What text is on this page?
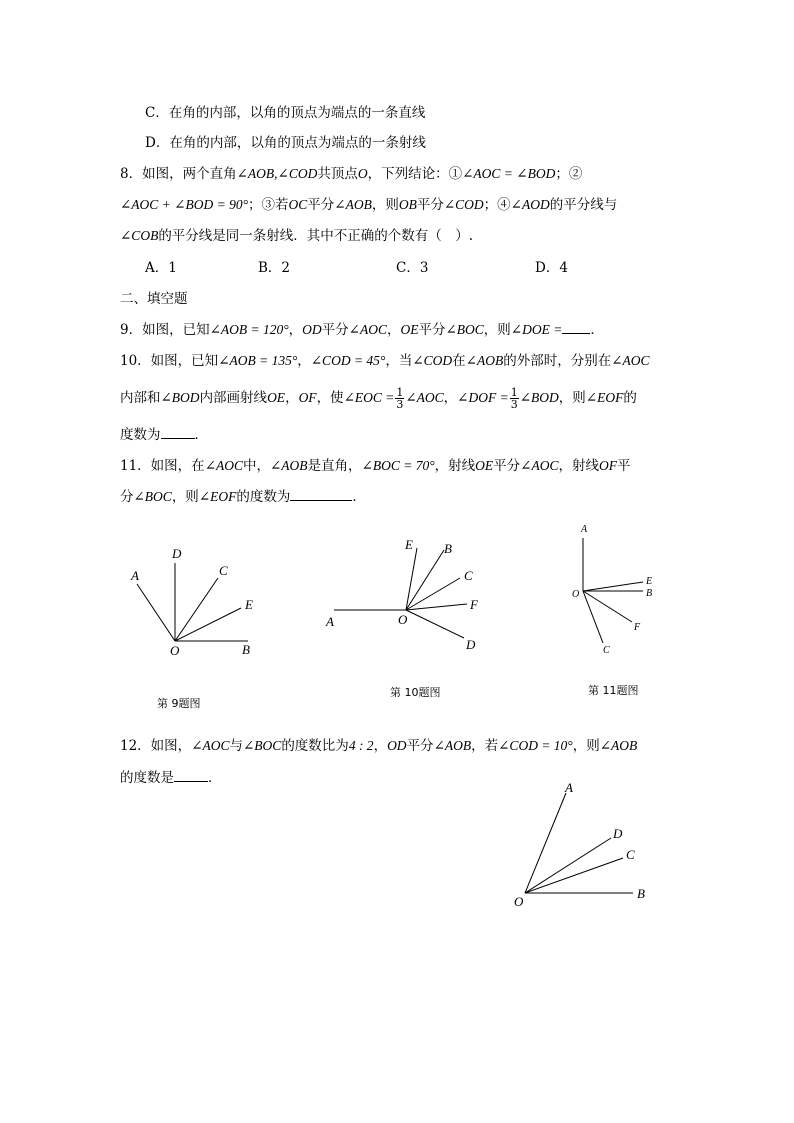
C．在角的内部，以角的顶点为端点的一条直线
D．在角的内部，以角的顶点为端点的一条射线
8．如图，两个直角∠AOB,∠COD共顶点O，下列结论：①∠AOC = ∠BOD；②
∠AOC + ∠BOD = 90°；③若OC平分∠AOB，则OB平分∠COD；④∠AOD的平分线与
∠COB的平分线是同一条射线．其中不正确的个数有（　）.
A．1	B．2	C．3	D．4
二、填空题
9．如图，已知∠AOB = 120°，OD平分∠AOC，OE平分∠BOC，则∠DOE = ．
10．如图，已知∠AOB = 135°，∠COD = 45°，当∠COD在∠AOB的外部时，分别在∠AOC
内部和∠BOD内部画射线OE，OF，使∠EOC = $\frac{1}{3}$ ∠AOC，∠DOF = $\frac{1}{3}$ ∠BOD，则∠EOF的
度数为	．
11．如图，在∠AOC中，∠AOB是直角，∠BOC = 70°，射线OE平分∠AOC，射线OF平
分∠BOC，则∠EOF的度数为	．
A
D
C
E
O	B
第 9题图
E B
C
F
A	O
D
第 10题图
A
O
E
B
F
C
第 11题图
A
D
C
O
B
12．如图，∠AOC与∠BOC的度数比为4 : 2，OD平分∠AOB，若∠COD = 10°，则∠AOB
的度数是	．
